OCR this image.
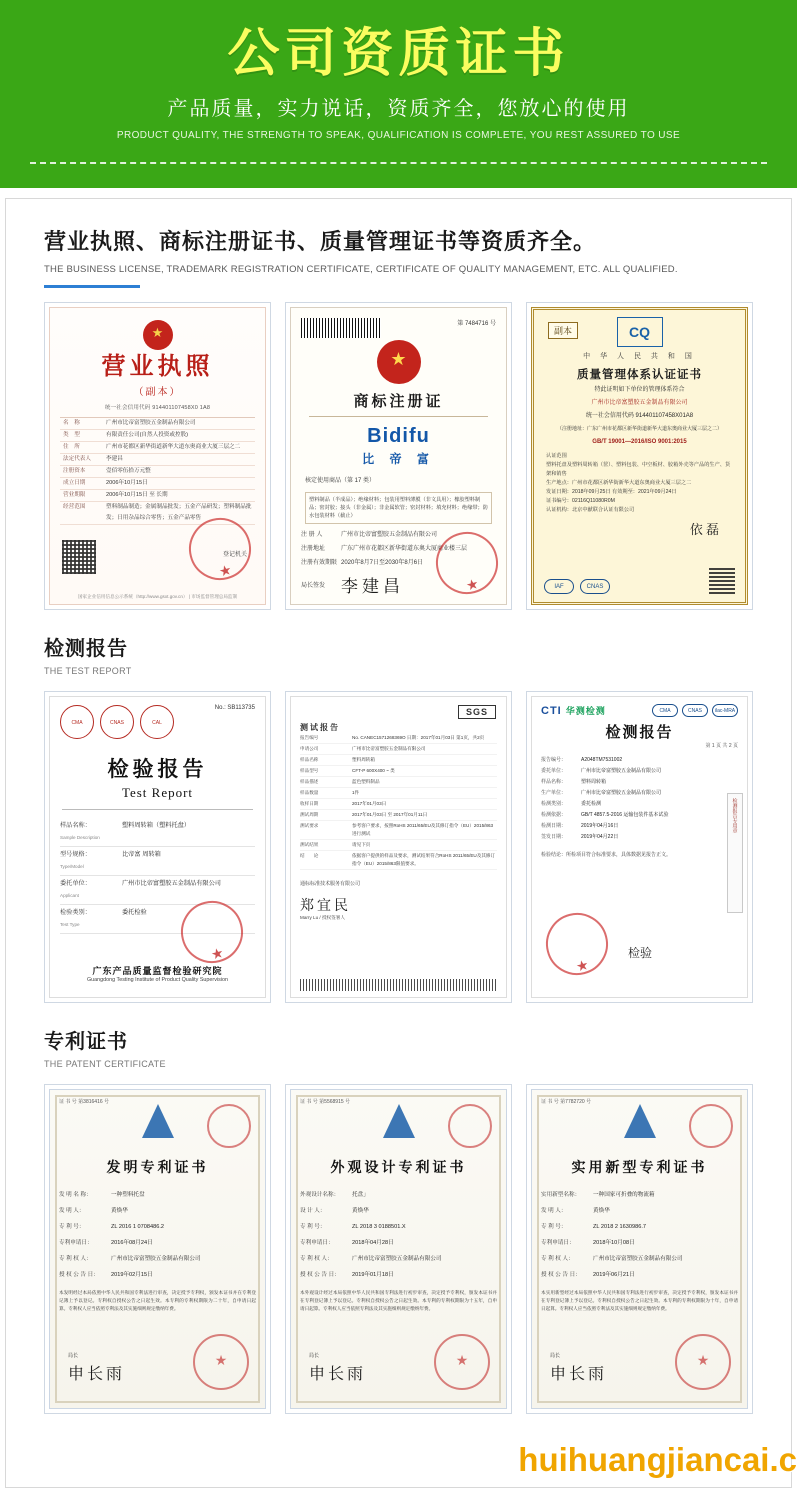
公司资质证书
产品质量，实力说话，资质齐全，您放心的使用
PRODUCT QUALITY, THE STRENGTH TO SPEAK, QUALIFICATION IS COMPLETE, YOU REST ASSURED TO USE
营业执照、商标注册证书、质量管理证书等资质齐全。
THE BUSINESS LICENSE, TRADEMARK REGISTRATION CERTIFICATE, CERTIFICATE OF QUALITY MANAGEMENT, ETC. ALL QUALIFIED.
★
营业执照
（副本）
统一社会信用代码 914401107458X0 1A8
名　称	广州市比帝富塑胶五金制品有限公司
类　型	有限责任公司(自然人投资或控股)
住　所	广州市花都区新华街道新华大道东奥商业大厦三层之二
法定代表人	李建昌
注册资本	壹佰零伍拾万元整
成立日期	2006年10月15日
营业期限	2006年10月15日 至 长期
经营范围	塑料制品制造；金属制品批发；五金产品研发；塑料制品批发；日用杂品综合零售；五金产品零售
登记机关
★
国家企业信用信息公示系统（http://www.gsxt.gov.cn） | 市场监督管理总局监制
第 7484716 号
★
商标注册证
Bidifu
比 帝 富
核定使用商品（第 17 类）
塑料制品（半成品）；绝缘材料；包装用塑料薄膜（非文具用）；橡胶塑料制品；密封胶；接头（非金属）；非金属软管；密封材料；填充材料；绝缘带；防水包装材料（截止）
注 册 人	广州市比帝富塑胶五金制品有限公司
注册地址	广东广州市花都区新华街道东奥大厦商业楼三层
注册有效期限 2020年8月7日至2030年8月6日
局长签发 李建昌
★
副本	CQ
中 华 人 民 共 和 国
质量管理体系认证证书
特此证明如下单位的管理体系符合
广州市比帝富塑胶五金制品有限公司
统一社会信用代码 914401107458X01A8
（注册地址：广东广州市花都区新华街道新华大道东奥商业大厦三层之二）
GB/T 19001—2016/ISO 9001:2015
认证范围
塑料托盘及塑料周转箱（筐）、塑料包装、中空板材、胶箱外壳等产品的生产、货架和销售
生产地点：广州市花都区新华街新华大道东奥商业大厦三层之二
发证日期：2018年09月25日 有效期至：2021年09月24日
证书编号：02116Q11080R0M
认证机构：北京中献联合认证有限公司
依 磊
IAF	CNAS
检测报告
THE TEST REPORT
CMA	CNAS	CAL
No.: SB113735
检验报告
Test Report
样品名称：
Sample Description
塑料周转箱（塑料托盘）
型号规格：
Type/Model
比帝富 周转箱
委托单位：
Applicant
广州市比帝富塑胶五金制品有限公司
检验类别：
Test Type
委托检验
★
广东产品质量监督检验研究院
Guangdong Testing Institute of Product Quality Supervision
SGS
测试报告
报告编号	No. CANEC1571268369O 日期：2017年01月03日 第1页，共2页
申请公司	广州市比帝富塑胶五金制品有限公司
样品名称	塑料周转箱
样品型号	CFT-P 600X400 ~ 类
样品描述	蓝色塑料制品
样品数量	1件
收样日期	2017年01月03日
测试周期	2017年01月03日 至 2017年01月11日
测试要求	参考客户要求，按照RoHS 2011/65/EU及其修订指令（EU）2015/863进行测试
测试结果	请见下页
结　　论	依据客户提供的样品及要求，测试结果符合RoHS 2011/65/EU及其修订指令（EU）2015/863限值要求。
通标标准技术服务有限公司
郑宜民
Marry Lu / 授权签署人
CTI 华测检测	CMA	CNAS	ilac-MRA
检测报告
第 1 页 共 2 页
报告编号：	A2048TM7531002
委托单位：	广州市比帝富塑胶五金制品有限公司
样品名称：	塑料周转箱
生产单位：	广州市比帝富塑胶五金制品有限公司
检测类别：	委托检测
检测依据：	GB/T 4857.5-2016 运输包装件基本试验
检测日期：	2019年04月16日
签发日期：	2019年04月22日
检验结论：所检项目符合标准要求，具体数据见报告正文。
检测报告专用章
★
检验
专利证书
THE PATENT CERTIFICATE
证 书 号 第3816416 号
发明专利证书
发 明 名 称：	一种塑料托盘
发 明 人：	黄焕华
专 利 号：	ZL 2016 1 0708486.2
专利申请日：	2016年08月24日
专 利 权 人：	广州市比帝富塑胶五金制品有限公司
授 权 公 告 日：	2019年02月15日
本发明经过本局依照中华人民共和国专利法进行审查，决定授予专利权，颁发本证书并在专利登记簿上予以登记。专利权自授权公告之日起生效。本专利的专利权期限为二十年，自申请日起算。专利权人应当依照专利法及其实施细则规定缴纳年费。
局长
申长雨
★
证 书 号 第5568915 号
外观设计专利证书
外观设计名称：	托盘」
设 计 人：	黄焕华
专 利 号：	ZL 2018 3 0188501.X
专利申请日：	2018年04月28日
专 利 权 人：	广州市比帝富塑胶五金制品有限公司
授 权 公 告 日：	2019年01月18日
本外观设计经过本局依照中华人民共和国专利法进行初步审查，决定授予专利权，颁发本证书并在专利登记簿上予以登记。专利权自授权公告之日起生效。本专利的专利权期限为十五年，自申请日起算。专利权人应当依照专利法及其实施细则规定缴纳年费。
局长
申长雨
★
证 书 号 第7782720 号
实用新型专利证书
实用新型名称：	一种国家可折叠的物流箱
发 明 人：	黄焕华
专 利 号：	ZL 2018 2 1630986.7
专利申请日：	2018年10月08日
专 利 权 人：	广州市比帝富塑胶五金制品有限公司
授 权 公 告 日：	2019年06月21日
本实用新型经过本局依照中华人民共和国专利法进行初步审查，决定授予专利权，颁发本证书并在专利登记簿上予以登记。专利权自授权公告之日起生效。本专利的专利权期限为十年，自申请日起算。专利权人应当依照专利法及其实施细则规定缴纳年费。
局长
申长雨
★
huihuangjiancai.c
